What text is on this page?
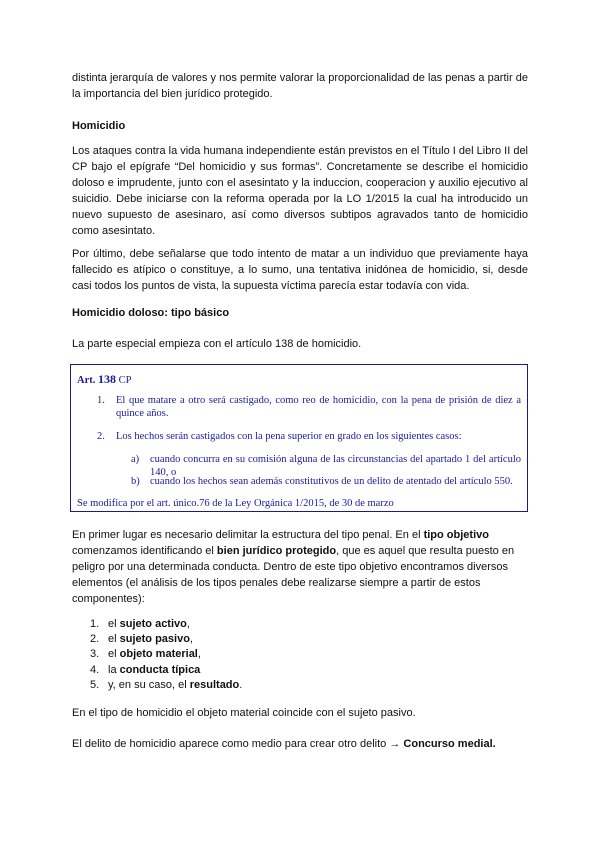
distinta jerarquía de valores y nos permite valorar la proporcionalidad de las penas a partir de la importancia del bien jurídico protegido.

Homicidio

Los ataques contra la vida humana independiente están previstos en el Título I del Libro II del CP bajo el epígrafe “Del homicidio y sus formas”. Concretamente se describe el homicidio doloso e imprudente, junto con el asesintato y la induccion, cooperacion y auxilio ejecutivo al suicidio. Debe iniciarse con la reforma operada por la LO 1/2015 la cual ha introducido un nuevo supuesto de asesinaro, así como diversos subtipos agravados tanto de homicidio como asesintato.

Por último, debe señalarse que todo intento de matar a un individuo que previamente haya fallecido es atípico o constituye, a lo sumo, una tentativa inidónea de homicidio, si, desde casi todos los puntos de vista, la supuesta víctima parecía estar todavía con vida.

Homicidio doloso: tipo básico

La parte especial empieza con el artículo 138 de homicidio.

Art. 138 CP
1. El que matare a otro será castigado, como reo de homicidio, con la pena de prisión de diez a quince años.
2. Los hechos serán castigados con la pena superior en grado en los siguientes casos:
a) cuando concurra en su comisión alguna de las circunstancias del apartado 1 del artículo 140, o
b) cuando los hechos sean además constitutivos de un delito de atentado del artículo 550.
Se modifica por el art. único.76 de la Ley Orgánica 1/2015, de 30 de marzo

En primer lugar es necesario delimitar la estructura del tipo penal. En el tipo objetivo comenzamos identificando el bien jurídico protegido, que es aquel que resulta puesto en peligro por una determinada conducta. Dentro de este tipo objetivo encontramos diversos elementos (el análisis de los tipos penales debe realizarse siempre a partir de estos componentes):

1. el sujeto activo,
2. el sujeto pasivo,
3. el objeto material,
4. la conducta típica
5. y, en su caso, el resultado.

En el tipo de homicidio el objeto material coincide con el sujeto pasivo.

El delito de homicidio aparece como medio para crear otro delito → Concurso medial.
